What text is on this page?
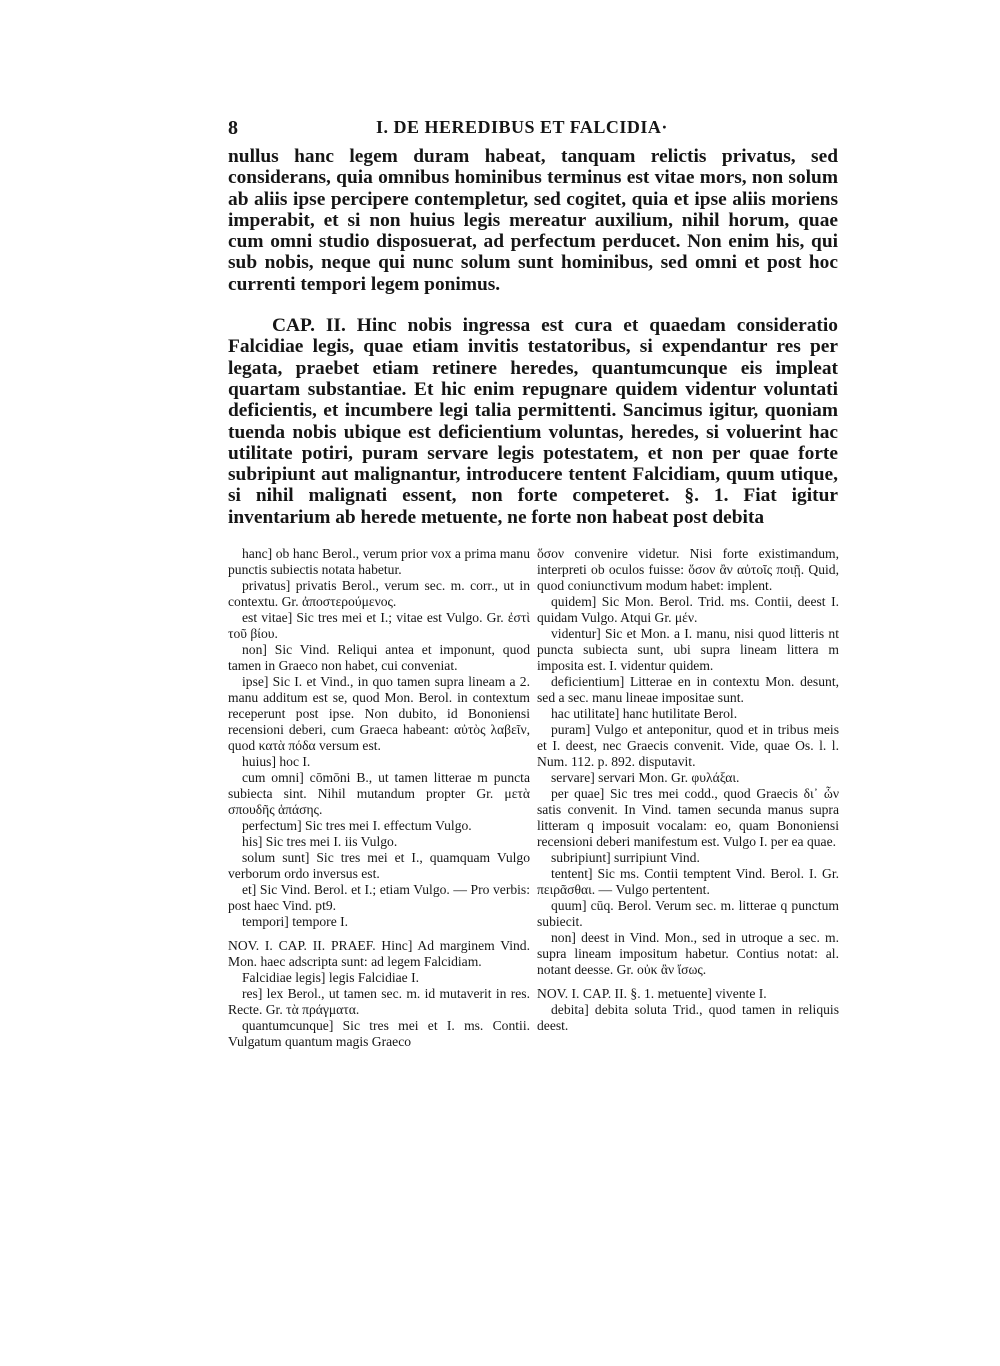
8	I. DE HEREDIBUS ET FALCIDIA·

nullus hanc legem duram habeat, tanquam relictis privatus, sed considerans, quia omnibus hominibus terminus est vitae mors, non solum ab aliis ipse percipere contempletur, sed cogitet, quia et ipse aliis moriens imperabit, et si non huius legis mereatur auxilium, nihil horum, quae cum omni studio disposuerat, ad perfectum perducet. Non enim his, qui sub nobis, neque qui nunc solum sunt hominibus, sed omni et post hoc currenti tempori legem ponimus.

CAP. II. Hinc nobis ingressa est cura et quaedam consideratio Falcidiae legis, quae etiam invitis testatoribus, si expendantur res per legata, praebet etiam retinere heredes, quantumcunque eis impleat quartam substantiae. Et hic enim repugnare quidem videntur voluntati deficientis, et incumbere legi talia permittenti. Sancimus igitur, quoniam tuenda nobis ubique est deficientium voluntas, heredes, si voluerint hac utilitate potiri, puram servare legis potestatem, et non per quae forte subripiunt aut malignantur, introducere tentent Falcidiam, quum utique, si nihil malignati essent, non forte competeret. §. 1. Fiat igitur inventarium ab herede metuente, ne forte non habeat post debita

hanc] ob hanc Berol., verum prior vox a prima manu punctis subiectis notata habetur.

privatus] privatis Berol., verum sec. m. corr., ut in contextu. Gr. ἀποστερούμενος.

est vitae] Sic tres mei et I.; vitae est Vulgo. Gr. ἐστὶ τοῦ βίου.

non] Sic Vind. Reliqui antea et imponunt, quod tamen in Graeco non habet, cui conveniat.

ipse] Sic I. et Vind., in quo tamen supra lineam a 2. manu additum est se, quod Mon. Berol. in contextum receperunt post ipse. Non dubito, id Bononiensi recensioni deberi, cum Graeca habeant: αὐτὸς λαβεῖν, quod κατὰ πόδα versum est.

huius] hoc I.

cum omni] cōmōni B., ut tamen litterae m puncta subiecta sint. Nihil mutandum propter Gr. μετὰ σπουδῆς ἁπάσης.

perfectum] Sic tres mei I. effectum Vulgo.

his] Sic tres mei I. iis Vulgo.

solum sunt] Sic tres mei et I., quamquam Vulgo verborum ordo inversus est.

et] Sic Vind. Berol. et I.; etiam Vulgo. — Pro verbis: post haec Vind. pt9.

tempori] tempore I.

NOV. I. CAP. II. PRAEF. Hinc] Ad marginem Vind. Mon. haec adscripta sunt: ad legem Falcidiam.

Falcidiae legis] legis Falcidiae I.

res] lex Berol., ut tamen sec. m. id mutaverit in res. Recte. Gr. τὰ πράγματα.

quantumcunque] Sic tres mei et I. ms. Contii. Vulgatum quantum magis Graeco

ὅσον convenire videtur. Nisi forte existimandum, interpreti ob oculos fuisse: ὅσον ἂν αὐτοῖς ποιῇ. Quid, quod coniunctivum modum habet: implent.

quidem] Sic Mon. Berol. Trid. ms. Contii, deest I. quidam Vulgo. Atqui Gr. μέν.

videntur] Sic et Mon. a I. manu, nisi quod litteris nt puncta subiecta sunt, ubi supra lineam littera m imposita est. I. videntur quidem.

deficientium] Litterae en in contextu Mon. desunt, sed a sec. manu lineae impositae sunt.

hac utilitate] hanc hutilitate Berol.

puram] Vulgo et anteponitur, quod et in tribus meis et I. deest, nec Graecis convenit. Vide, quae Os. l. l. Num. 112. p. 892. disputavit.

servare] servari Mon. Gr. φυλάξαι.

per quae] Sic tres mei codd., quod Graecis δι᾽ ὧν satis convenit. In Vind. tamen secunda manus supra litteram q imposuit vocalam: eo, quam Bononiensi recensioni deberi manifestum est. Vulgo I. per ea quae.

subripiunt] surripiunt Vind.

tentent] Sic ms. Contii temptent Vind. Berol. I. Gr. πειρᾶσθαι. — Vulgo pertentent.

quum] cūq. Berol. Verum sec. m. litterae q punctum subiecit.

non] deest in Vind. Mon., sed in utroque a sec. m. supra lineam impositum habetur. Contius notat: al. notant deesse. Gr. οὐκ ἂν ἴσως.

NOV. I. CAP. II. §. 1. metuente] vivente I.

debita] debita soluta Trid., quod tamen in reliquis deest.
